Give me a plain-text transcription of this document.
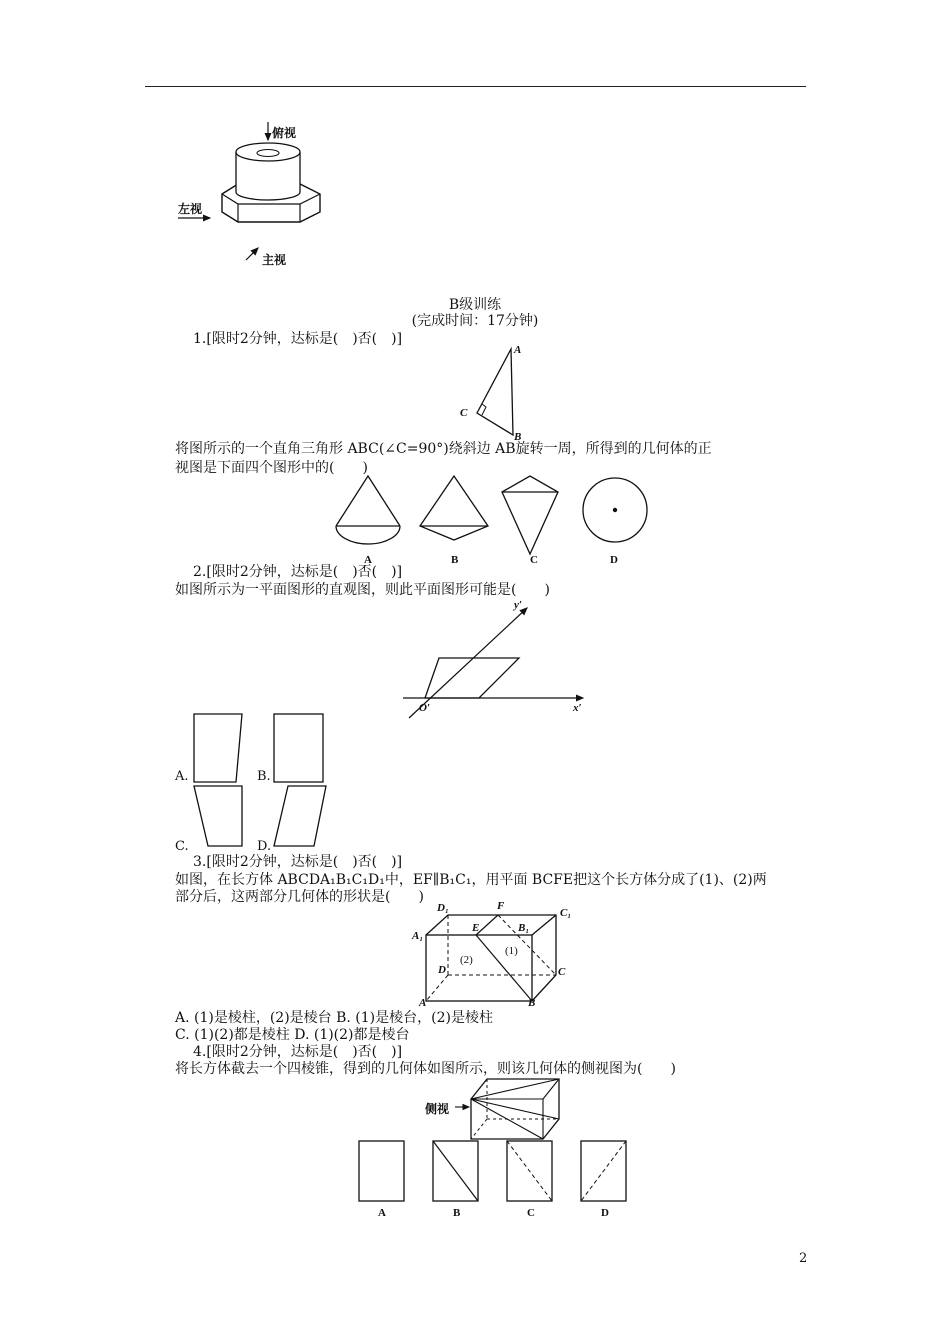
俯视
左视
主视
B级训练
(完成时间：17分钟)
1.[限时2分钟，达标是(　)否(　)]
A
C
B
将图所示的一个直角三角形 ABC(∠C=90°)绕斜边 AB旋转一周，所得到的几何体的正
视图是下面四个图形中的(　　)
A	B	C	D
2.[限时2分钟，达标是(　)否(　)]
如图所示为一平面图形的直观图，则此平面图形可能是(　　)
y′
O′	x′
A.	B.
C.	D.
3.[限时2分钟，达标是(　)否(　)]
如图，在长方体 ABCDA₁B₁C₁D₁中，EF∥B₁C₁，用平面 BCFE把这个长方体分成了(1)、(2)两
部分后，这两部分几何体的形状是(　　)
D₁	F
C₁
A₁
E	B₁
(1)
(2)
D	C
A	B
A. (1)是棱柱，(2)是棱台 B. (1)是棱台，(2)是棱柱
C. (1)(2)都是棱柱 D. (1)(2)都是棱台
4.[限时2分钟，达标是(　)否(　)]
将长方体截去一个四棱锥，得到的几何体如图所示，则该几何体的侧视图为(　　)
侧视
A	B	C	D
2
